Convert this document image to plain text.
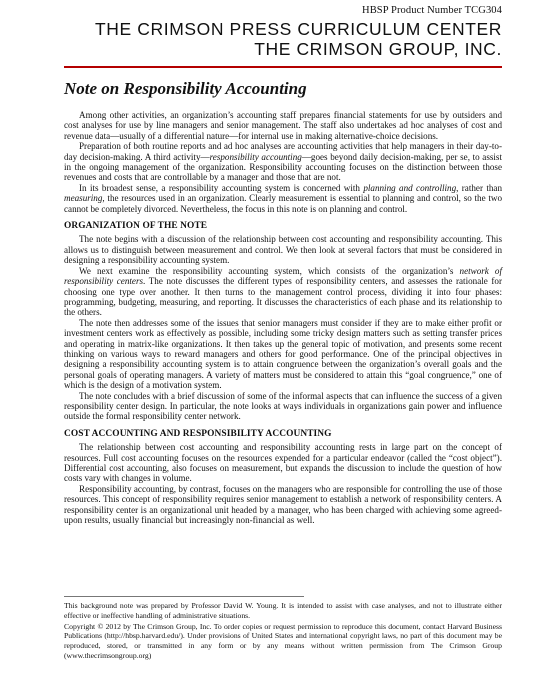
HBSP Product Number TCG304
THE CRIMSON PRESS CURRICULUM CENTER
THE CRIMSON GROUP, INC.
Note on Responsibility Accounting

Among other activities, an organization’s accounting staff prepares financial statements for use by outsiders and cost analyses for use by line managers and senior management. The staff also undertakes ad hoc analyses of cost and revenue data—usually of a differential nature—for internal use in making alternative-choice decisions.

Preparation of both routine reports and ad hoc analyses are accounting activities that help managers in their day-to-day decision-making. A third activity—responsibility accounting—goes beyond daily decision-making, per se, to assist in the ongoing management of the organization. Responsibility accounting focuses on the distinction between those revenues and costs that are controllable by a manager and those that are not.

In its broadest sense, a responsibility accounting system is concerned with planning and controlling, rather than measuring, the resources used in an organization. Clearly measurement is essential to planning and control, so the two cannot be completely divorced. Nevertheless, the focus in this note is on planning and control.

ORGANIZATION OF THE NOTE

The note begins with a discussion of the relationship between cost accounting and responsibility accounting. This allows us to distinguish between measurement and control. We then look at several factors that must be considered in designing a responsibility accounting system.

We next examine the responsibility accounting system, which consists of the organization’s network of responsibility centers. The note discusses the different types of responsibility centers, and assesses the rationale for choosing one type over another. It then turns to the management control process, dividing it into four phases: programming, budgeting, measuring, and reporting. It discusses the characteristics of each phase and its relationship to the others.

The note then addresses some of the issues that senior managers must consider if they are to make either profit or investment centers work as effectively as possible, including some tricky design matters such as setting transfer prices and operating in matrix-like organizations. It then takes up the general topic of motivation, and presents some recent thinking on various ways to reward managers and others for good performance. One of the principal objectives in designing a responsibility accounting system is to attain congruence between the organization’s overall goals and the personal goals of operating managers. A variety of matters must be considered to attain this “goal congruence,” one of which is the design of a motivation system.

The note concludes with a brief discussion of some of the informal aspects that can influence the success of a given responsibility center design. In particular, the note looks at ways individuals in organizations gain power and influence outside the formal responsibility center network.

COST ACCOUNTING AND RESPONSIBILITY ACCOUNTING

The relationship between cost accounting and responsibility accounting rests in large part on the concept of resources. Full cost accounting focuses on the resources expended for a particular endeavor (called the “cost object”). Differential cost accounting, also focuses on measurement, but expands the discussion to include the question of how costs vary with changes in volume.

Responsibility accounting, by contrast, focuses on the managers who are responsible for controlling the use of those resources. This concept of responsibility requires senior management to establish a network of responsibility centers. A responsibility center is an organizational unit headed by a manager, who has been charged with achieving some agreed-upon results, usually financial but increasingly non-financial as well.

This background note was prepared by Professor David W. Young. It is intended to assist with case analyses, and not to illustrate either effective or ineffective handling of administrative situations.

Copyright © 2012 by The Crimson Group, Inc. To order copies or request permission to reproduce this document, contact Harvard Business Publications (http://hbsp.harvard.edu/). Under provisions of United States and international copyright laws, no part of this document may be reproduced, stored, or transmitted in any form or by any means without written permission from The Crimson Group (www.thecrimsongroup.org)
